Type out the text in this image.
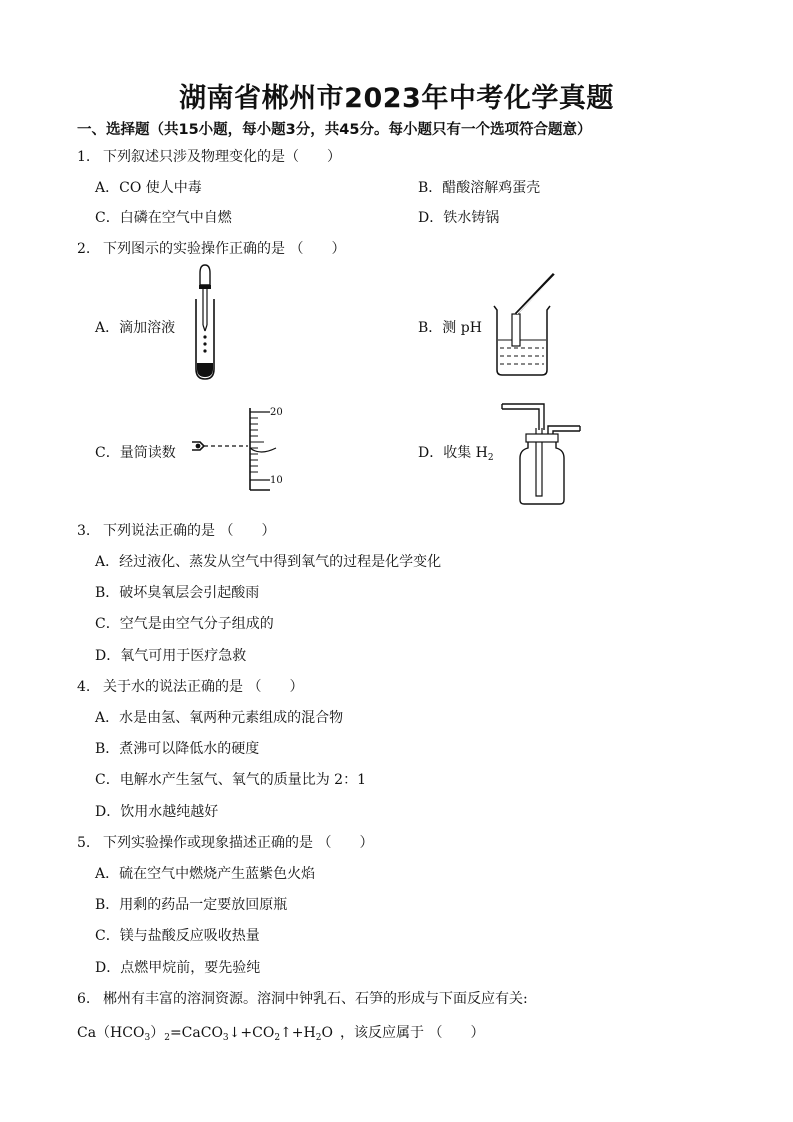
湖南省郴州市2023年中考化学真题
一、选择题（共15小题，每小题3分，共45分。每小题只有一个选项符合题意）
1. 下列叙述只涉及物理变化的是（　　）
A．CO 使人中毒	B．醋酸溶解鸡蛋壳
C．白磷在空气中自燃	D．铁水铸锅
2. 下列图示的实验操作正确的是 （　　）
A．滴加溶液	B．测 pH
C．量筒读数
20
10
D．收集 $H_2$
3. 下列说法正确的是 （　　）
A．经过液化、蒸发从空气中得到氧气的过程是化学变化
B．破坏臭氧层会引起酸雨
C．空气是由空气分子组成的
D．氧气可用于医疗急救
4. 关于水的说法正确的是 （　　）
A．水是由氢、氧两种元素组成的混合物
B．煮沸可以降低水的硬度
C．电解水产生氢气、氧气的质量比为 2：1
D．饮用水越纯越好
5. 下列实验操作或现象描述正确的是 （　　）
A．硫在空气中燃烧产生蓝紫色火焰
B．用剩的药品一定要放回原瓶
C．镁与盐酸反应吸收热量
D．点燃甲烷前，要先验纯
6. 郴州有丰富的溶洞资源。溶洞中钟乳石、石笋的形成与下面反应有关:
$Ca(HCO_3)_2=CaCO_3↓+CO_2↑+H_2O$ ，该反应属于 （　　）
